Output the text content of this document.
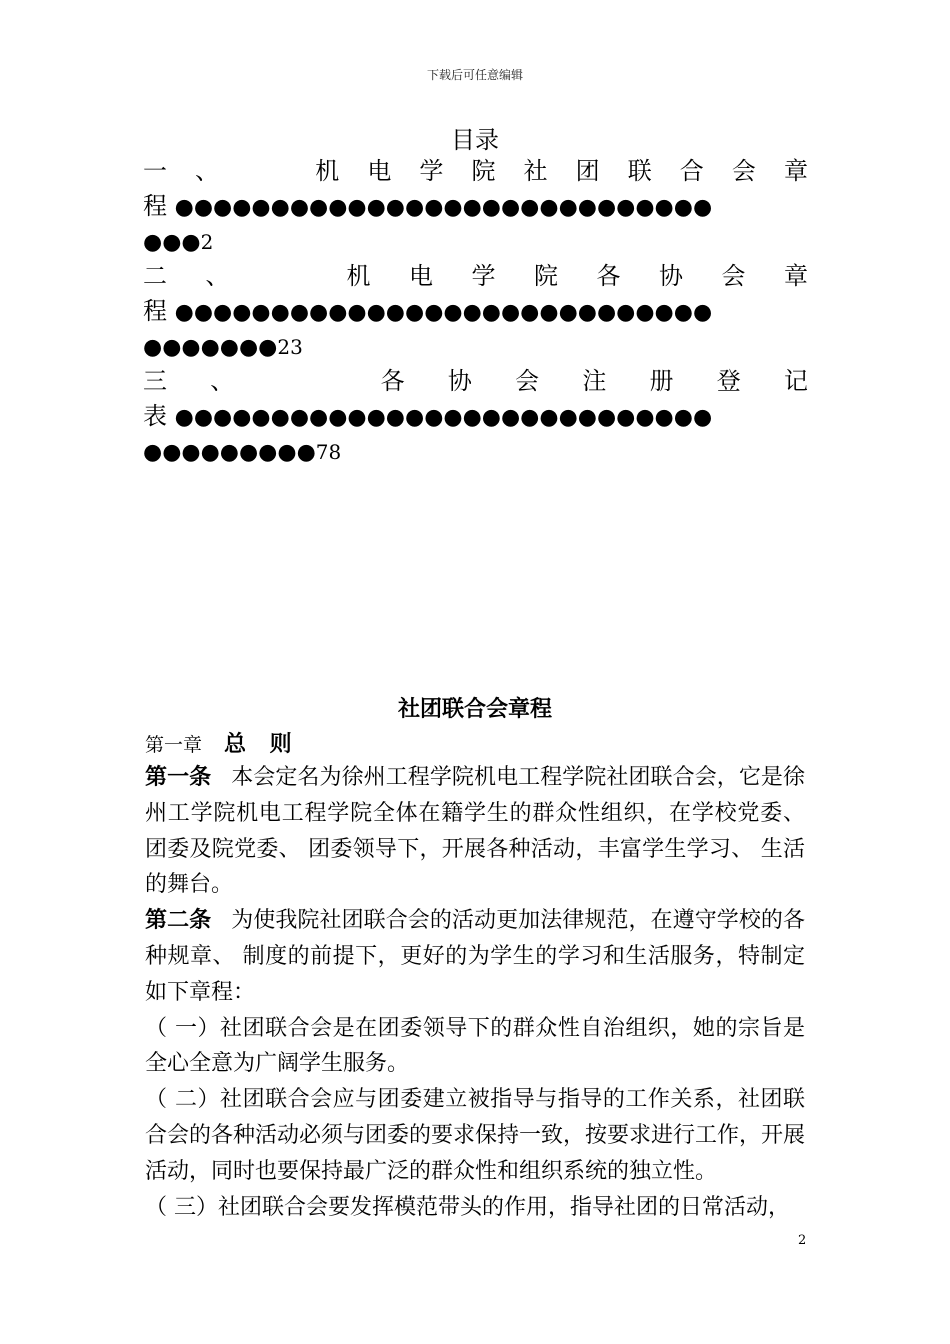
下载后可任意编辑
目录
一 、	机 电 学 院 社 团 联 合 会 章
程 ●●●●●●●●●●●●●●●●●●●●●●●●●●●●
●●●2
二 、	机 电 学 院 各 协 会 章
程 ●●●●●●●●●●●●●●●●●●●●●●●●●●●●
●●●●●●●23
三 、	各 协 会 注 册 登 记
表 ●●●●●●●●●●●●●●●●●●●●●●●●●●●●
●●●●●●●●●78
社团联合会章程
第一章 总 则

第一条 本会定名为徐州工程学院机电工程学院社团联合会，它是徐州工学院机电工程学院全体在籍学生的群众性组织，在学校党委、 团委及院党委、 团委领导下，开展各种活动，丰富学生学习、 生活的舞台。

第二条 为使我院社团联合会的活动更加法律规范，在遵守学校的各种规章、 制度的前提下，更好的为学生的学习和生活服务，特制定如下章程：

（ 一）社团联合会是在团委领导下的群众性自治组织，她的宗旨是全心全意为广阔学生服务。

（ 二）社团联合会应与团委建立被指导与指导的工作关系，社团联合会的各种活动必须与团委的要求保持一致，按要求进行工作，开展活动，同时也要保持最广泛的群众性和组织系统的独立性。

（ 三）社团联合会要发挥模范带头的作用，指导社团的日常活动，

2
